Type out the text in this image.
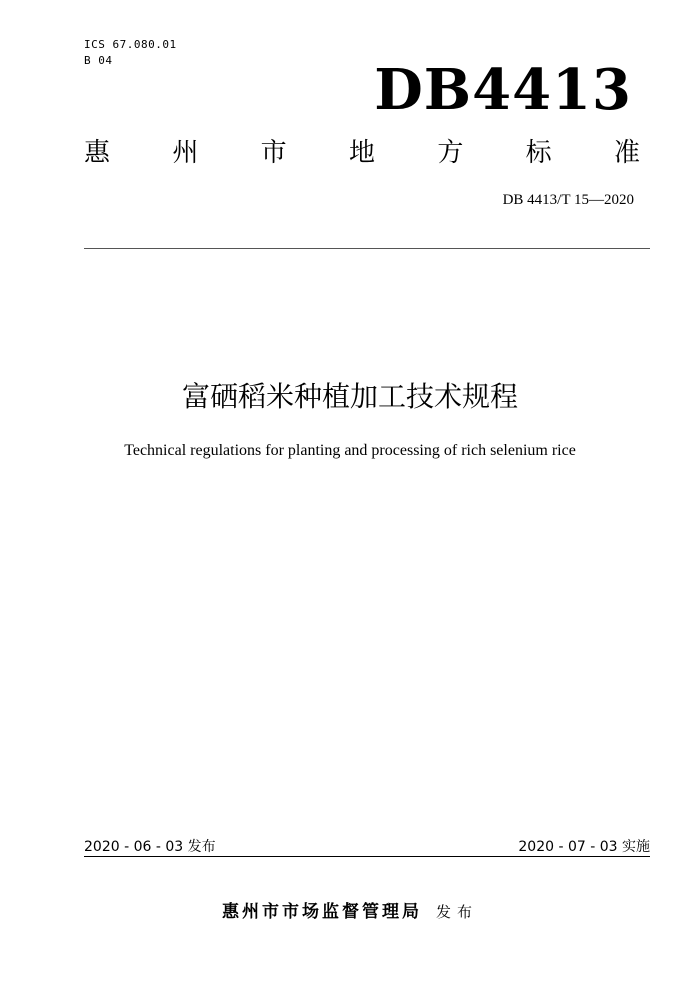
ICS 67.080.01
B 04	DB4413
惠 州 市 地 方 标 准
DB 4413/T 15—2020
富硒稻米种植加工技术规程
Technical regulations for planting and processing of rich selenium rice
2020 - 06 - 03 发布	2020 - 07 - 03 实施
惠州市市场监督管理局 发布
